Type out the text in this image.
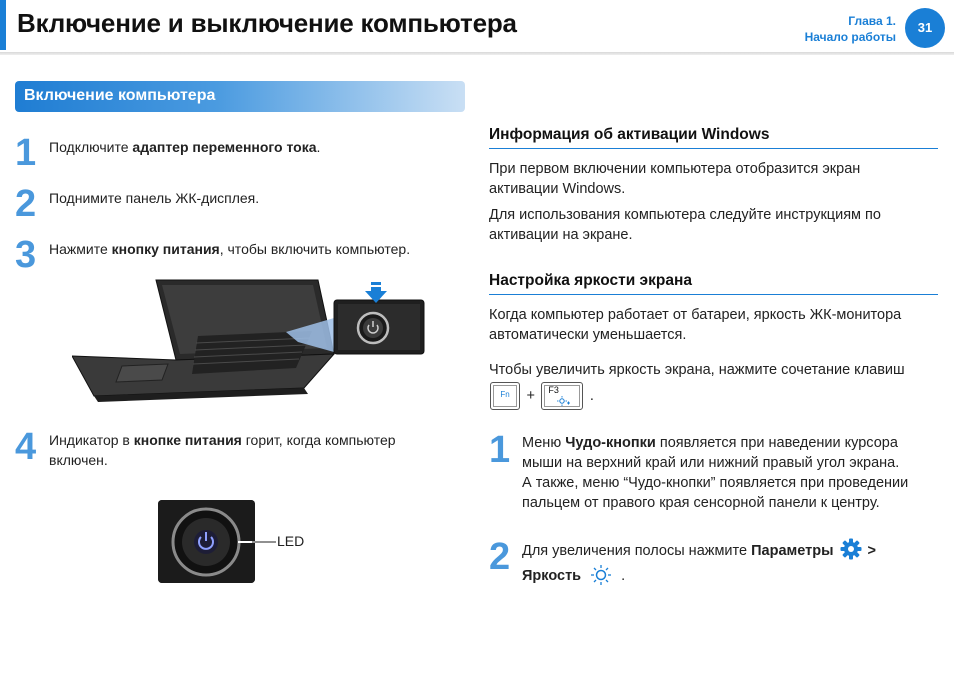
Включение и выключение компьютера	Глава 1.
Начало работы
31
Включение компьютера
1 Подключите адаптер переменного тока.
2 Поднимите панель ЖК-дисплея.
3 Нажмите кнопку питания, чтобы включить компьютер.
4 Индикатор в кнопке питания горит, когда компьютер
включен.
LED
Информация об активации Windows
При первом включении компьютера отобразится экран
активации Windows.
Для использования компьютера следуйте инструкциям по
активации на экране.
Настройка яркости экрана
Когда компьютер работает от батареи, яркость ЖК-монитора
автоматически уменьшается.
Чтобы увеличить яркость экрана, нажмите сочетание клавиш
Fn	+ F3 .
1 Меню Чудо-кнопки появляется при наведении курсора
мыши на верхний край или нижний правый угол экрана.
А также, меню “Чудо-кнопки” появляется при проведении
пальцем от правого края сенсорной панели к центру.
2 Для увеличения полосы нажмите Параметры >
Яркость	.
